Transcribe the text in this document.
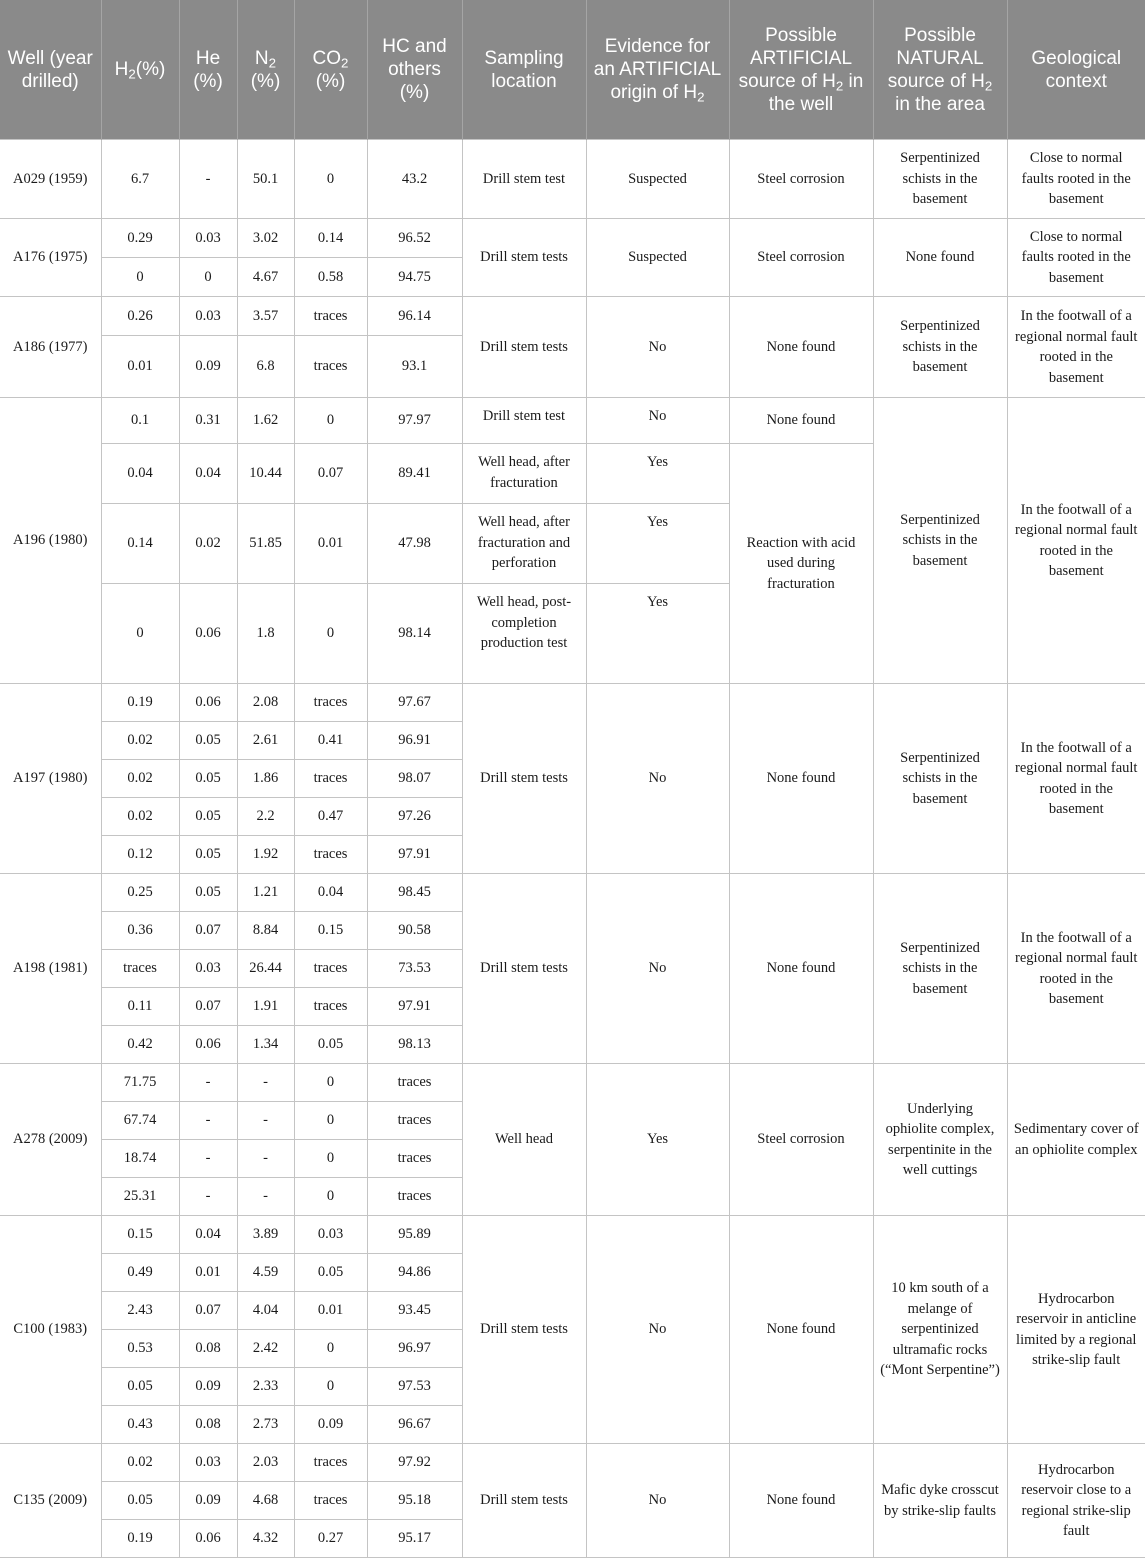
Well (year drilled)	$H_2(\%)$	He (%)	$N_2$ (%)	$CO_2$ (%)	HC and others (%)	Sampling location	Evidence for an ARTIFICIAL origin of $H_2$	Possible ARTIFICIAL source of $H_2$ in the well	Possible NATURAL source of $H_2$ in the area	Geological context
A029 (1959)	6.7	-	50.1	0	43.2	Drill stem test	Suspected	Steel corrosion	Serpentinized schists in the basement	Close to normal faults rooted in the basement
A176 (1975)	0.29	0.03	3.02	0.14	96.52	Drill stem tests	Suspected	Steel corrosion	None found	Close to normal faults rooted in the basement
	0	0	4.67	0.58	94.75					
A186 (1977)	0.26	0.03	3.57	traces	96.14	Drill stem tests	No	None found	Serpentinized schists in the basement	In the footwall of a regional normal fault rooted in the basement
	0.01	0.09	6.8	traces	93.1					
A196 (1980)	0.1	0.31	1.62	0	97.97	Drill stem test	No	None found	Serpentinized schists in the basement	In the footwall of a regional normal fault rooted in the basement
	0.04	0.04	10.44	0.07	89.41	Well head, after fracturation	Yes	Reaction with acid used during fracturation		
	0.14	0.02	51.85	0.01	47.98	Well head, after fracturation and perforation	Yes			
	0	0.06	1.8	0	98.14	Well head, post-completion production test	Yes			
A197 (1980)	0.19	0.06	2.08	traces	97.67	Drill stem tests	No	None found	Serpentinized schists in the basement	In the footwall of a regional normal fault rooted in the basement
	0.02	0.05	2.61	0.41	96.91					
	0.02	0.05	1.86	traces	98.07					
	0.02	0.05	2.2	0.47	97.26					
	0.12	0.05	1.92	traces	97.91					
A198 (1981)	0.25	0.05	1.21	0.04	98.45	Drill stem tests	No	None found	Serpentinized schists in the basement	In the footwall of a regional normal fault rooted in the basement
	0.36	0.07	8.84	0.15	90.58					
	traces	0.03	26.44	traces	73.53					
	0.11	0.07	1.91	traces	97.91					
	0.42	0.06	1.34	0.05	98.13					
A278 (2009)	71.75	-	-	0	traces	Well head	Yes	Steel corrosion	Underlying ophiolite complex, serpentinite in the well cuttings	Sedimentary cover of an ophiolite complex
	67.74	-	-	0	traces					
	18.74	-	-	0	traces					
	25.31	-	-	0	traces					
C100 (1983)	0.15	0.04	3.89	0.03	95.89	Drill stem tests	No	None found	10 km south of a melange of serpentinized ultramafic rocks (“Mont Serpentine”)	Hydrocarbon reservoir in anticline limited by a regional strike-slip fault
	0.49	0.01	4.59	0.05	94.86					
	2.43	0.07	4.04	0.01	93.45					
	0.53	0.08	2.42	0	96.97					
	0.05	0.09	2.33	0	97.53					
	0.43	0.08	2.73	0.09	96.67					
C135 (2009)	0.02	0.03	2.03	traces	97.92	Drill stem tests	No	None found	Mafic dyke crosscut by strike-slip faults	Hydrocarbon reservoir close to a regional strike-slip fault
	0.05	0.09	4.68	traces	95.18					
	0.19	0.06	4.32	0.27	95.17					
